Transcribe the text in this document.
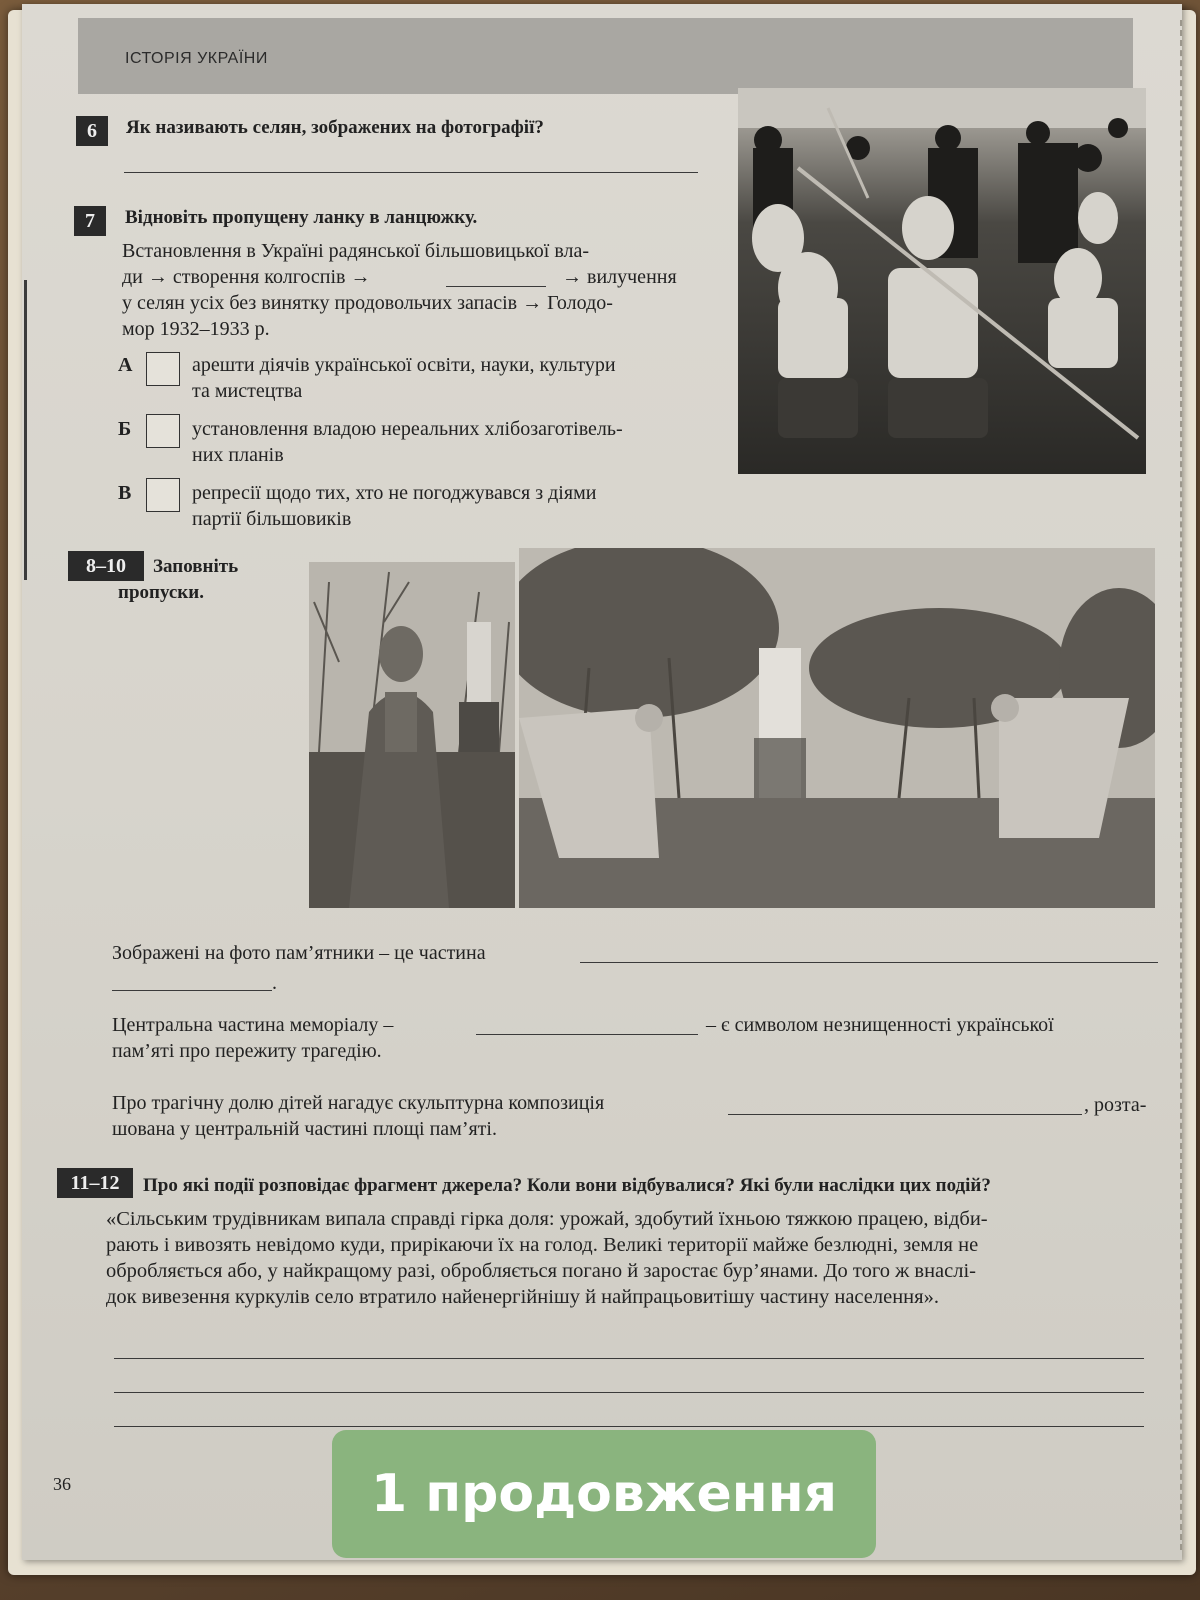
ІСТОРІЯ УКРАЇНИ
6	Як називають селян, зображених на фотографії?
7	Відновіть пропущену ланку в ланцюжку.
Встановлення в Україні радянської більшовицької вла-
ди → створення колгоспів →	→ вилучення
у селян усіх без винятку продовольчих запасів → Голодо-
мор 1932–1933 р.
А	арешти діячів української освіти, науки, культури
та мистецтва
Б	установлення владою нереальних хлібозаготівель-
них планів
В	репресії щодо тих, хто не погоджувався з діями
партії більшовиків
8–10	Заповніть
пропуски.
Зображені на фото пам’ятники – це частина
.
Центральна частина меморіалу –	– є символом незнищенності української
пам’яті про пережиту трагедію.
Про трагічну долю дітей нагадує скульптурна композиція	, розта-
шована у центральній частині площі пам’яті.
11–12	Про які події розповідає фрагмент джерела? Коли вони відбувалися? Які були наслідки цих подій?
«Сільським трудівникам випала справді гірка доля: урожай, здобутий їхньою тяжкою працею, відби-
рають і вивозять невідомо куди, прирікаючи їх на голод. Великі території майже безлюдні, земля не
обробляється або, у найкращому разі, обробляється погано й заростає бур’янами. До того ж внаслі-
док вивезення куркулів село втратило найенергійнішу й найпрацьовитішу частину населення».
36	1 продовження
